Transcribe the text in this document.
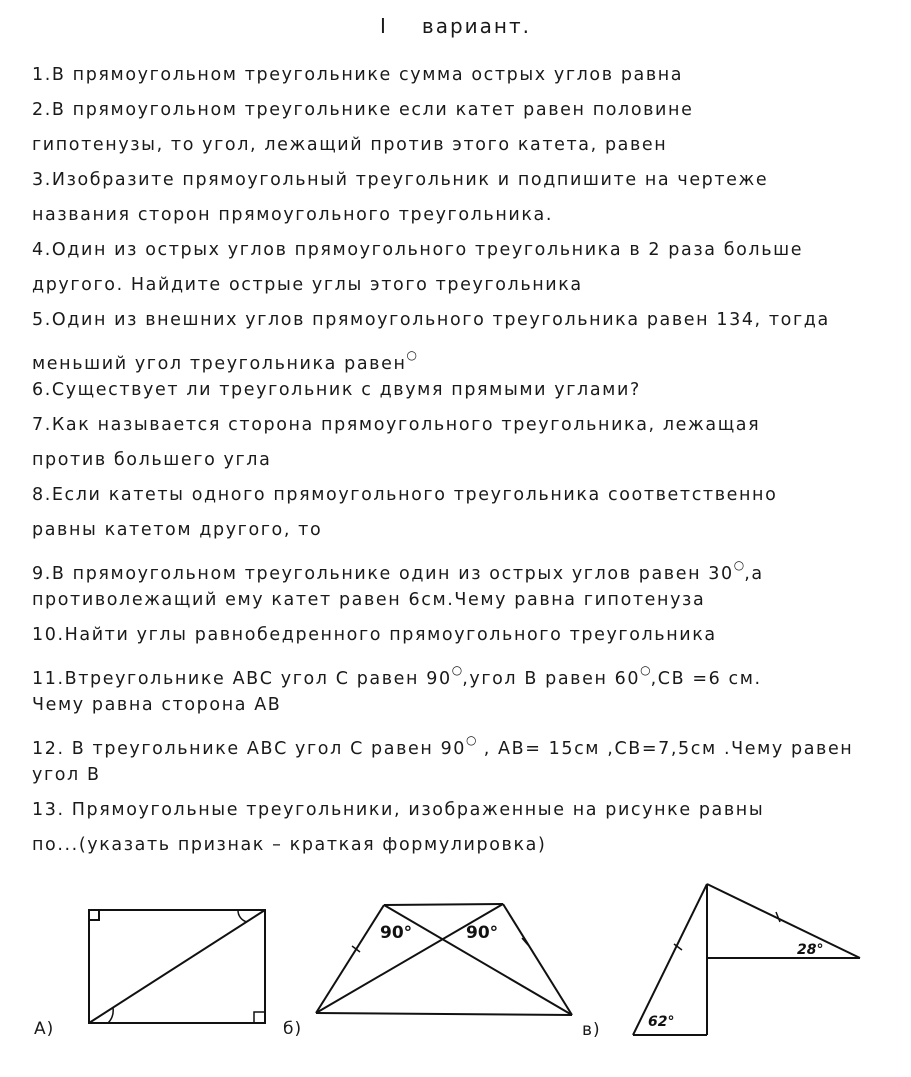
I вариант.
1.В прямоугольном треугольнике сумма острых углов равна
2.В прямоугольном треугольнике если катет равен половине
гипотенузы, то угол, лежащий против этого катета, равен
3.Изобразите прямоугольный треугольник и подпишите на чертеже
названия сторон прямоугольного треугольника.
4.Один из острых углов прямоугольного треугольника в 2 раза больше
другого. Найдите острые углы этого треугольника
5.Один из внешних углов прямоугольного треугольника равен 134, тогда
меньший угол треугольника равен○
6.Существует ли треугольник с двумя прямыми углами?
7.Как называется сторона прямоугольного треугольника, лежащая
против большего угла
8.Если катеты одного прямоугольного треугольника соответственно
равны катетом другого, то
9.В прямоугольном треугольнике один из острых углов равен 30○,а
противолежащий ему катет равен 6см.Чему равна гипотенуза
10.Найти углы равнобедренного прямоугольного треугольника
11.Втреугольнике АВС угол С равен 90○,угол В равен 60○,СВ =6 см.
Чему равна сторона АВ
12. В треугольнике АВС угол С равен 90○ , АВ= 15см ,СВ=7,5см .Чему равен
угол В
13. Прямоугольные треугольники, изображенные на рисунке равны
по...(указать признак – краткая формулировка)
А)
90°	90°
28°
62°
б)	в)
